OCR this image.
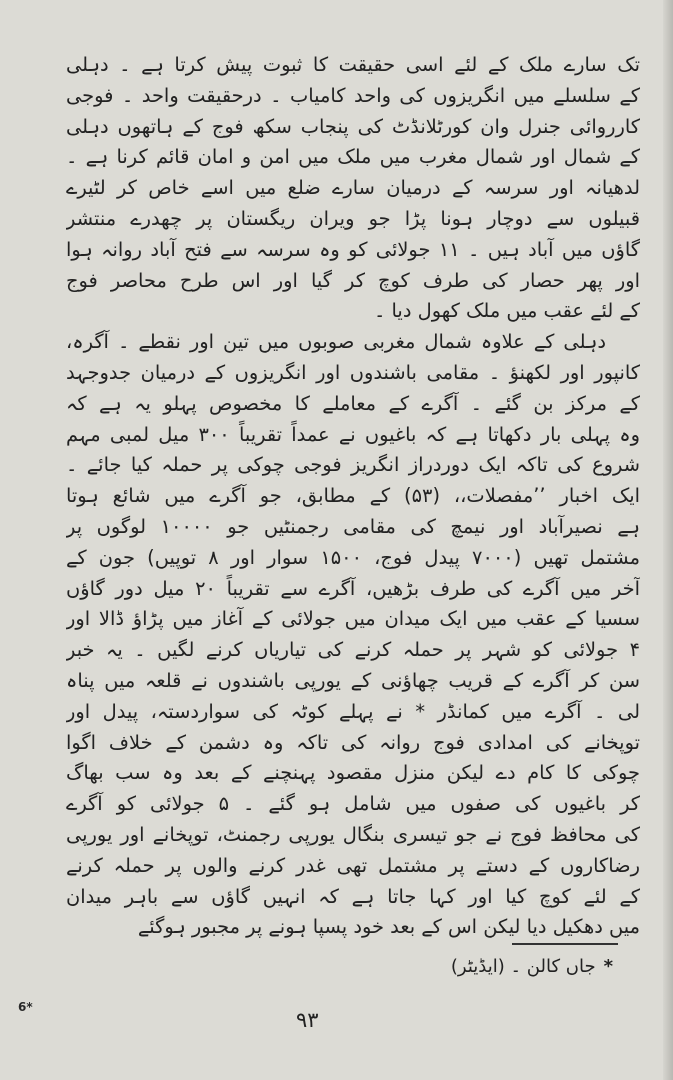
تک سارے ملک کے لئے اسی حقیقت کا ثبوت پیش کرتا ہے ۔ دہلی
کے سلسلے میں انگریزوں کی واحد کامیاب ۔ درحقیقت واحد ۔ فوجی
کارروائی جنرل وان کورٹلانڈٹ کی پنجاب سکھ فوج کے ہاتھوں دہلی
کے شمال اور شمال مغرب میں ملک میں امن و امان قائم کرنا ہے ۔
لدھیانہ اور سرسہ کے درمیان سارے ضلع میں اسے خاص کر لٹیرے
قبیلوں سے دوچار ہونا پڑا جو ویران ریگستان پر چھدرے منتشر
گاؤں میں آباد ہیں ۔ ۱۱ جولائی کو وہ سرسہ سے فتح آباد روانہ ہوا
اور پھر حصار کی طرف کوچ کر گیا اور اس طرح محاصر فوج
کے لئے عقب میں ملک کھول دیا ۔
دہلی کے علاوہ شمال مغربی صوبوں میں تین اور نقطے ۔ آگرہ،
کانپور اور لکھنؤ ۔ مقامی باشندوں اور انگریزوں کے درمیان جدوجہد
کے مرکز بن گئے ۔ آگرے کے معاملے کا مخصوص پہلو یہ ہے کہ
وہ پہلی بار دکھاتا ہے کہ باغیوں نے عمداً تقریباً ۳۰۰ میل لمبی مہم
شروع کی تاکہ ایک دوردراز انگریز فوجی چوکی پر حملہ کیا جائے ۔
ایک اخبار ’’مفصلات،، (۵۳) کے مطابق، جو آگرے میں شائع ہوتا
ہے نصیرآباد اور نیمچ کی مقامی رجمنٹیں جو ۱۰۰۰۰ لوگوں پر
مشتمل تھیں (۷۰۰۰ پیدل فوج، ۱۵۰۰ سوار اور ۸ توپیں) جون کے
آخر میں آگرے کی طرف بڑھیں، آگرے سے تقریباً ۲۰ میل دور گاؤں
سسیا کے عقب میں ایک میدان میں جولائی کے آغاز میں پڑاؤ ڈالا اور
۴ جولائی کو شہر پر حملہ کرنے کی تیاریاں کرنے لگیں ۔ یہ خبر
سن کر آگرے کے قریب چھاؤنی کے یورپی باشندوں نے قلعہ میں پناہ
لی ۔ آگرے میں کمانڈر * نے پہلے کوٹہ کی سواردستہ، پیدل اور
توپخانے کی امدادی فوج روانہ کی تاکہ وہ دشمن کے خلاف اگوا
چوکی کا کام دے لیکن منزل مقصود پہنچنے کے بعد وہ سب بھاگ
کر باغیوں کی صفوں میں شامل ہو گئے ۔ ۵ جولائی کو آگرے
کی محافظ فوج نے جو تیسری بنگال یورپی رجمنٹ، توپخانے اور یورپی
رضاکاروں کے دستے پر مشتمل تھی غدر کرنے والوں پر حملہ کرنے
کے لئے کوچ کیا اور کہا جاتا ہے کہ انہیں گاؤں سے باہر میدان
میں دھکیل دیا لیکن اس کے بعد خود پسپا ہونے پر مجبور ہوگئے
*جاں کالن ۔ (ایڈیٹر)
6*
۹۳
